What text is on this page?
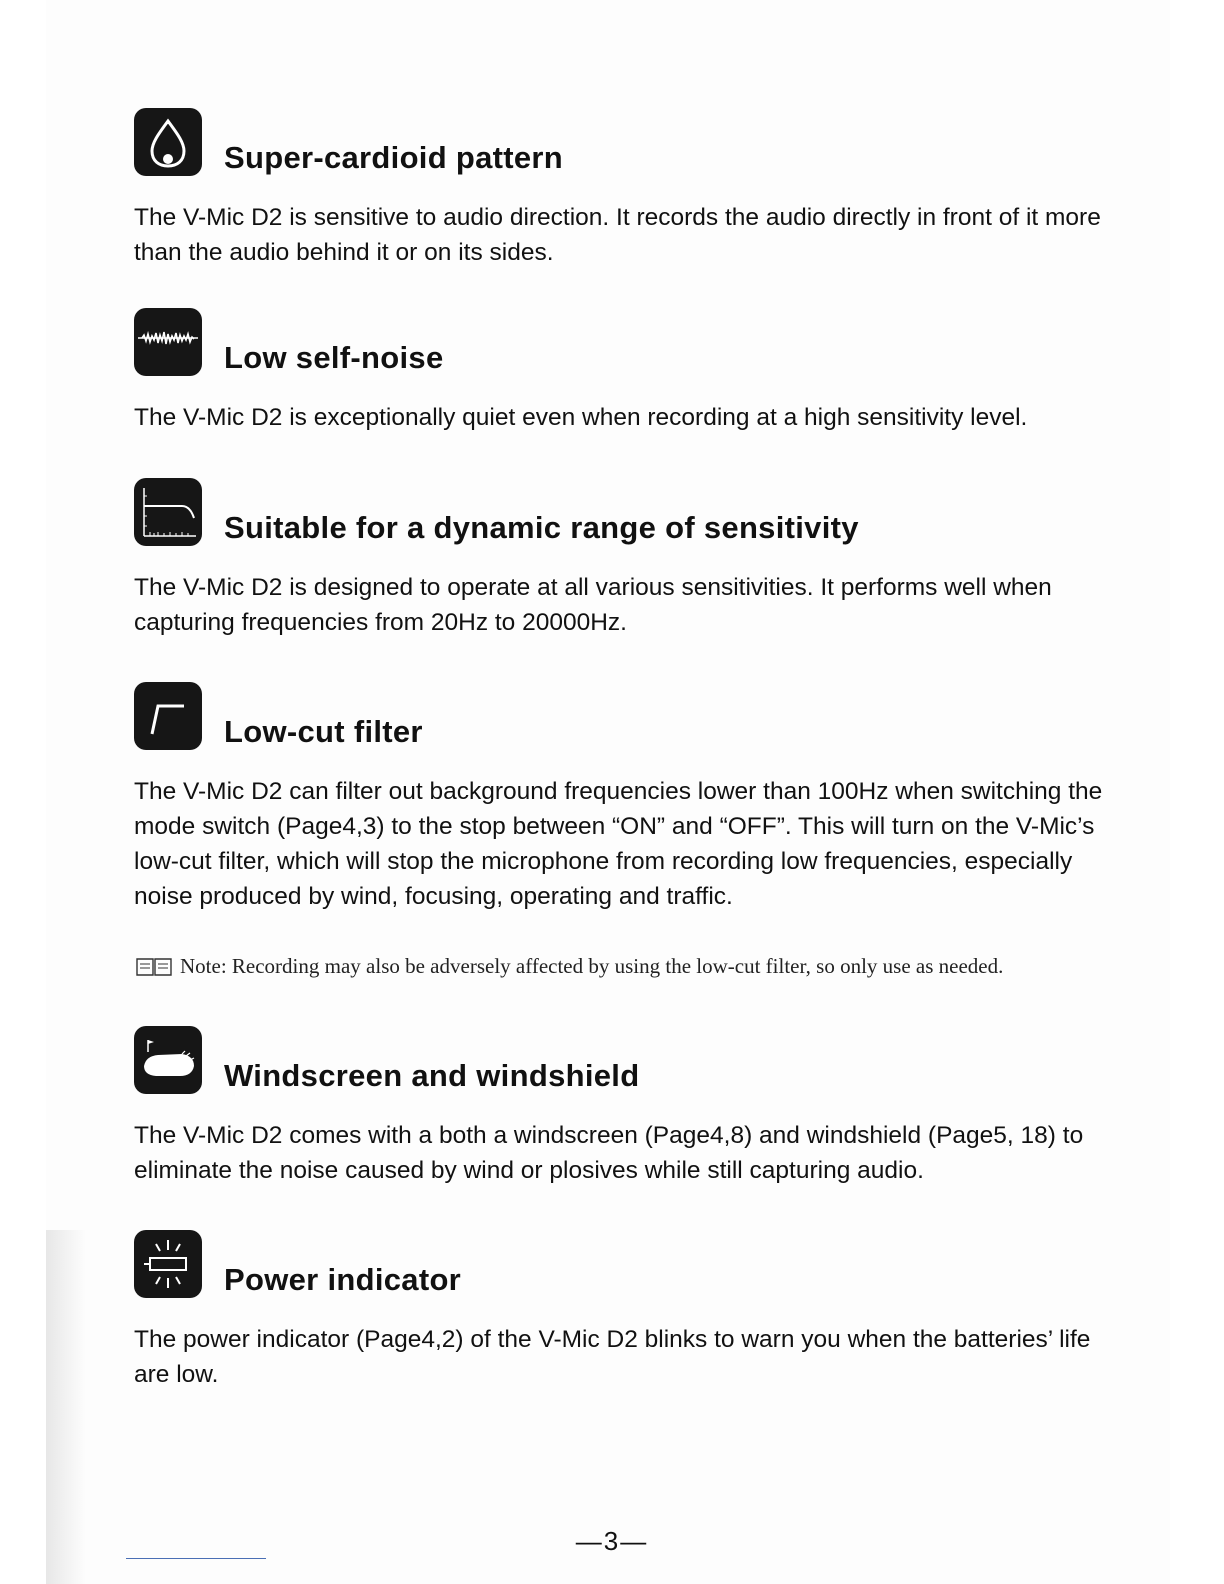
Super-cardioid pattern

The V-Mic D2 is sensitive to audio direction. It records the audio directly in front of it more than the audio behind it or on its sides.

Low self-noise

The V-Mic D2 is exceptionally quiet even when recording at a high sensitivity level.

Suitable for a dynamic range of sensitivity

The V-Mic D2 is designed to operate at all various sensitivities. It performs well when capturing frequencies from 20Hz to 20000Hz.

Low-cut filter

The V-Mic D2 can filter out background frequencies lower than 100Hz when switching the mode switch (Page4,3) to the stop between “ON” and “OFF”. This will turn on the V-Mic’s low-cut filter, which will stop the microphone from recording low frequencies, especially noise produced by wind, focusing, operating and traffic.

Note: Recording may also be adversely affected by using the low-cut filter, so only use as needed.
Windscreen and windshield

The V-Mic D2 comes with a both a windscreen (Page4,8) and windshield (Page5, 18) to eliminate the noise caused by wind or plosives while still capturing audio.

Power indicator

The power indicator (Page4,2) of the V-Mic D2 blinks to warn you when the batteries’ life are low.

—3—
